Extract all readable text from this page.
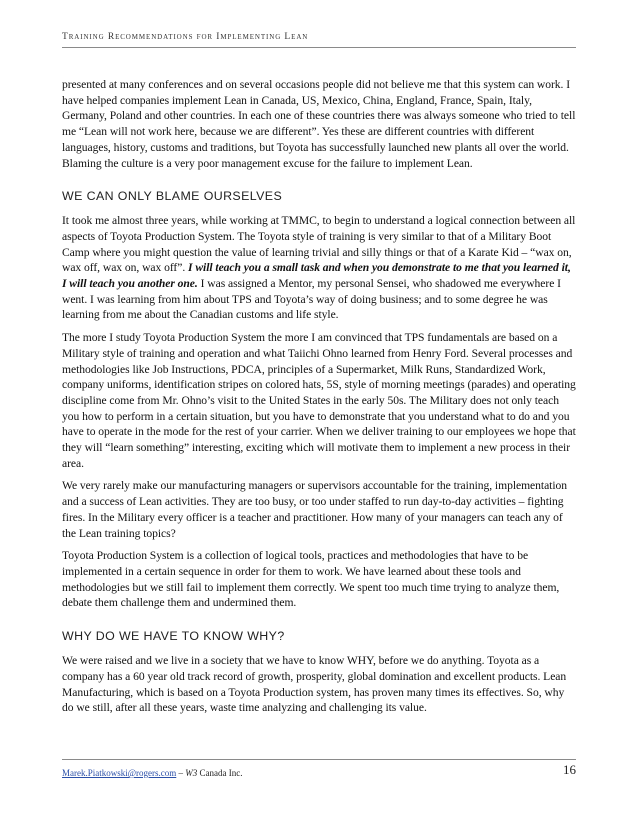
Training Recommendations for Implementing Lean

presented at many conferences and on several occasions people did not believe me that this system can work. I have helped companies implement Lean in Canada, US, Mexico, China, England, France, Spain, Italy, Germany, Poland and other countries. In each one of these countries there was always someone who tried to tell me “Lean will not work here, because we are different”. Yes these are different countries with different languages, history, customs and traditions, but Toyota has successfully launched new plants all over the world. Blaming the culture is a very poor management excuse for the failure to implement Lean.

WE CAN ONLY BLAME OURSELVES

It took me almost three years, while working at TMMC, to begin to understand a logical connection between all aspects of Toyota Production System. The Toyota style of training is very similar to that of a Military Boot Camp where you might question the value of learning trivial and silly things or that of a Karate Kid – “wax on, wax off, wax on, wax off”. I will teach you a small task and when you demonstrate to me that you learned it, I will teach you another one. I was assigned a Mentor, my personal Sensei, who shadowed me everywhere I went. I was learning from him about TPS and Toyota’s way of doing business; and to some degree he was learning from me about the Canadian customs and life style.

The more I study Toyota Production System the more I am convinced that TPS fundamentals are based on a Military style of training and operation and what Taiichi Ohno learned from Henry Ford. Several processes and methodologies like Job Instructions, PDCA, principles of a Supermarket, Milk Runs, Standardized Work, company uniforms, identification stripes on colored hats, 5S, style of morning meetings (parades) and operating discipline come from Mr. Ohno’s visit to the United States in the early 50s. The Military does not only teach you how to perform in a certain situation, but you have to demonstrate that you understand what to do and you have to operate in the mode for the rest of your carrier. When we deliver training to our employees we hope that they will “learn something” interesting, exciting which will motivate them to implement a new process in their area.

We very rarely make our manufacturing managers or supervisors accountable for the training, implementation and a success of Lean activities. They are too busy, or too under staffed to run day-to-day activities – fighting fires. In the Military every officer is a teacher and practitioner. How many of your managers can teach any of the Lean training topics?

Toyota Production System is a collection of logical tools, practices and methodologies that have to be implemented in a certain sequence in order for them to work. We have learned about these tools and methodologies but we still fail to implement them correctly. We spent too much time trying to analyze them, debate them challenge them and undermined them.

WHY DO WE HAVE TO KNOW WHY?

We were raised and we live in a society that we have to know WHY, before we do anything. Toyota as a company has a 60 year old track record of growth, prosperity, global domination and excellent products. Lean Manufacturing, which is based on a Toyota Production system, has proven many times its effectives. So, why do we still, after all these years, waste time analyzing and challenging its value.

Marek.Piatkowski@rogers.com – W3 Canada Inc.	16
